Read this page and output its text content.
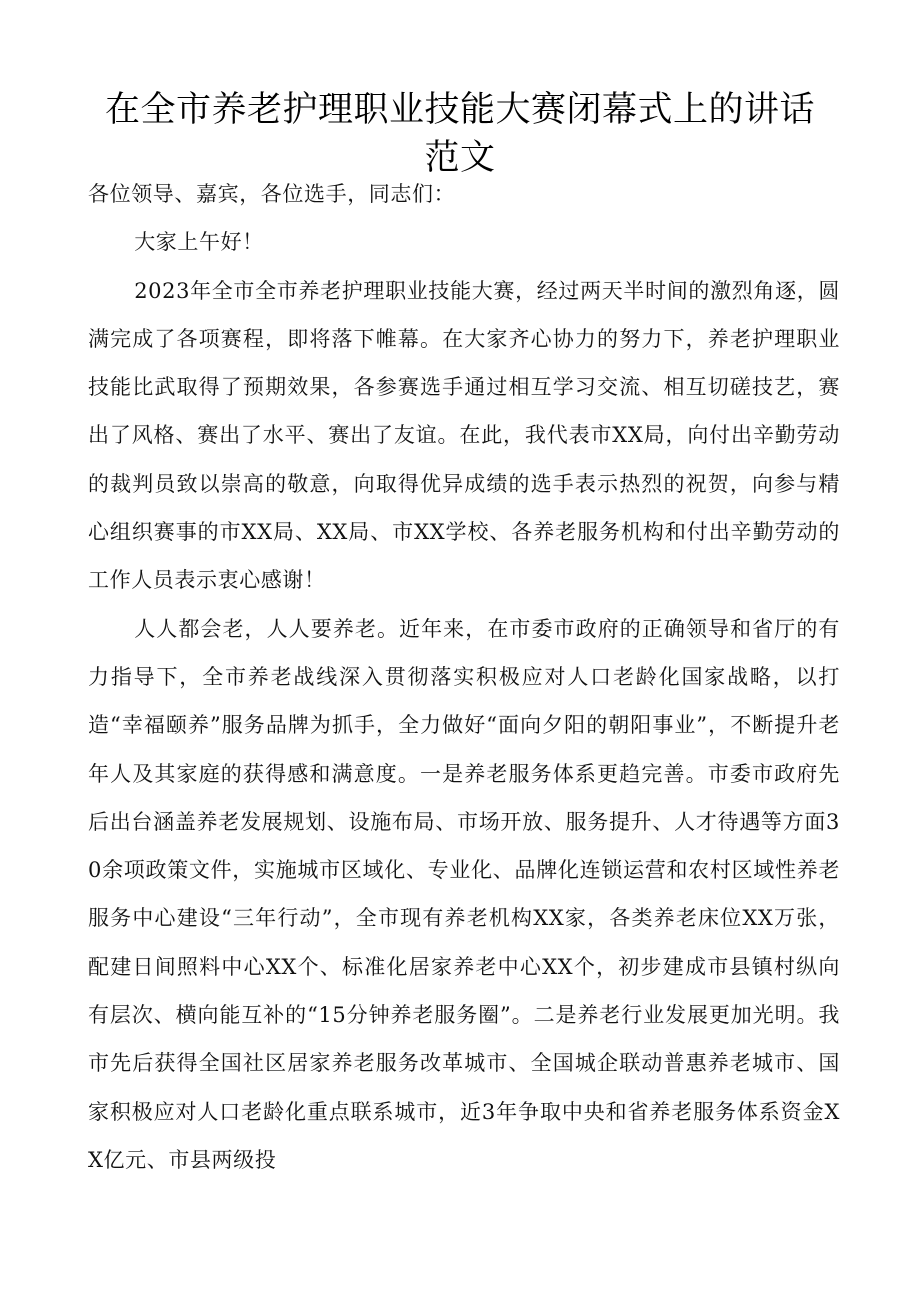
在全市养老护理职业技能大赛闭幕式上的讲话范文

各位领导、嘉宾，各位选手，同志们：

大家上午好！

2023年全市全市养老护理职业技能大赛，经过两天半时间的激烈角逐，圆满完成了各项赛程，即将落下帷幕。在大家齐心协力的努力下，养老护理职业技能比武取得了预期效果，各参赛选手通过相互学习交流、相互切磋技艺，赛出了风格、赛出了水平、赛出了友谊。在此，我代表市XX局，向付出辛勤劳动的裁判员致以崇高的敬意，向取得优异成绩的选手表示热烈的祝贺，向参与精心组织赛事的市XX局、XX局、市XX学校、各养老服务机构和付出辛勤劳动的工作人员表示衷心感谢！

人人都会老，人人要养老。近年来，在市委市政府的正确领导和省厅的有力指导下，全市养老战线深入贯彻落实积极应对人口老龄化国家战略，以打造“幸福颐养”服务品牌为抓手，全力做好“面向夕阳的朝阳事业”，不断提升老年人及其家庭的获得感和满意度。一是养老服务体系更趋完善。市委市政府先后出台涵盖养老发展规划、设施布局、市场开放、服务提升、人才待遇等方面30余项政策文件，实施城市区域化、专业化、品牌化连锁运营和农村区域性养老服务中心建设“三年行动”，全市现有养老机构XX家，各类养老床位XX万张，配建日间照料中心XX个、标准化居家养老中心XX个，初步建成市县镇村纵向有层次、横向能互补的“15分钟养老服务圈”。二是养老行业发展更加光明。我市先后获得全国社区居家养老服务改革城市、全国城企联动普惠养老城市、国家积极应对人口老龄化重点联系城市，近3年争取中央和省养老服务体系资金XX亿元、市县两级投
